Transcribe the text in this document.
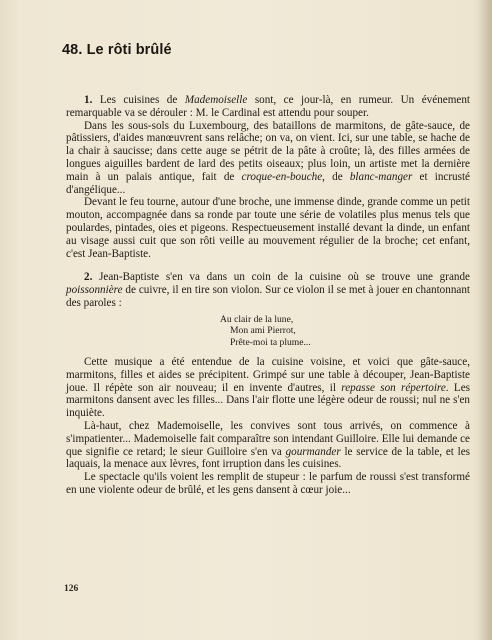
48. Le rôti brûlé

1. Les cuisines de Mademoiselle sont, ce jour-là, en rumeur. Un événement remarquable va se dérouler : M. le Cardinal est attendu pour souper.

Dans les sous-sols du Luxembourg, des bataillons de marmitons, de gâte-sauce, de pâtissiers, d'aides manœuvrent sans relâche; on va, on vient. Ici, sur une table, se hache de la chair à saucisse; dans cette auge se pétrit de la pâte à croûte; là, des filles armées de longues aiguilles bardent de lard des petits oiseaux; plus loin, un artiste met la dernière main à un palais antique, fait de croque-en-bouche, de blanc-manger et incrusté d'angélique...

Devant le feu tourne, autour d'une broche, une immense dinde, grande comme un petit mouton, accompagnée dans sa ronde par toute une série de volatiles plus menus tels que poulardes, pintades, oies et pigeons. Respectueusement installé devant la dinde, un enfant au visage aussi cuit que son rôti veille au mouvement régulier de la broche; cet enfant, c'est Jean-Baptiste.

2. Jean-Baptiste s'en va dans un coin de la cuisine où se trouve une grande poissonnière de cuivre, il en tire son violon. Sur ce violon il se met à jouer en chantonnant des paroles :

Au clair de la lune,
Mon ami Pierrot,
Prête-moi ta plume...

Cette musique a été entendue de la cuisine voisine, et voici que gâte-sauce, marmitons, filles et aides se précipitent. Grimpé sur une table à découper, Jean-Baptiste joue. Il répète son air nouveau; il en invente d'autres, il repasse son répertoire. Les marmitons dansent avec les filles... Dans l'air flotte une légère odeur de roussi; nul ne s'en inquiète.

Là-haut, chez Mademoiselle, les convives sont tous arrivés, on commence à s'impatienter... Mademoiselle fait comparaître son intendant Guilloire. Elle lui demande ce que signifie ce retard; le sieur Guilloire s'en va gourmander le service de la table, et les laquais, la menace aux lèvres, font irruption dans les cuisines.

Le spectacle qu'ils voient les remplit de stupeur : le parfum de roussi s'est transformé en une violente odeur de brûlé, et les gens dansent à cœur joie...

126
